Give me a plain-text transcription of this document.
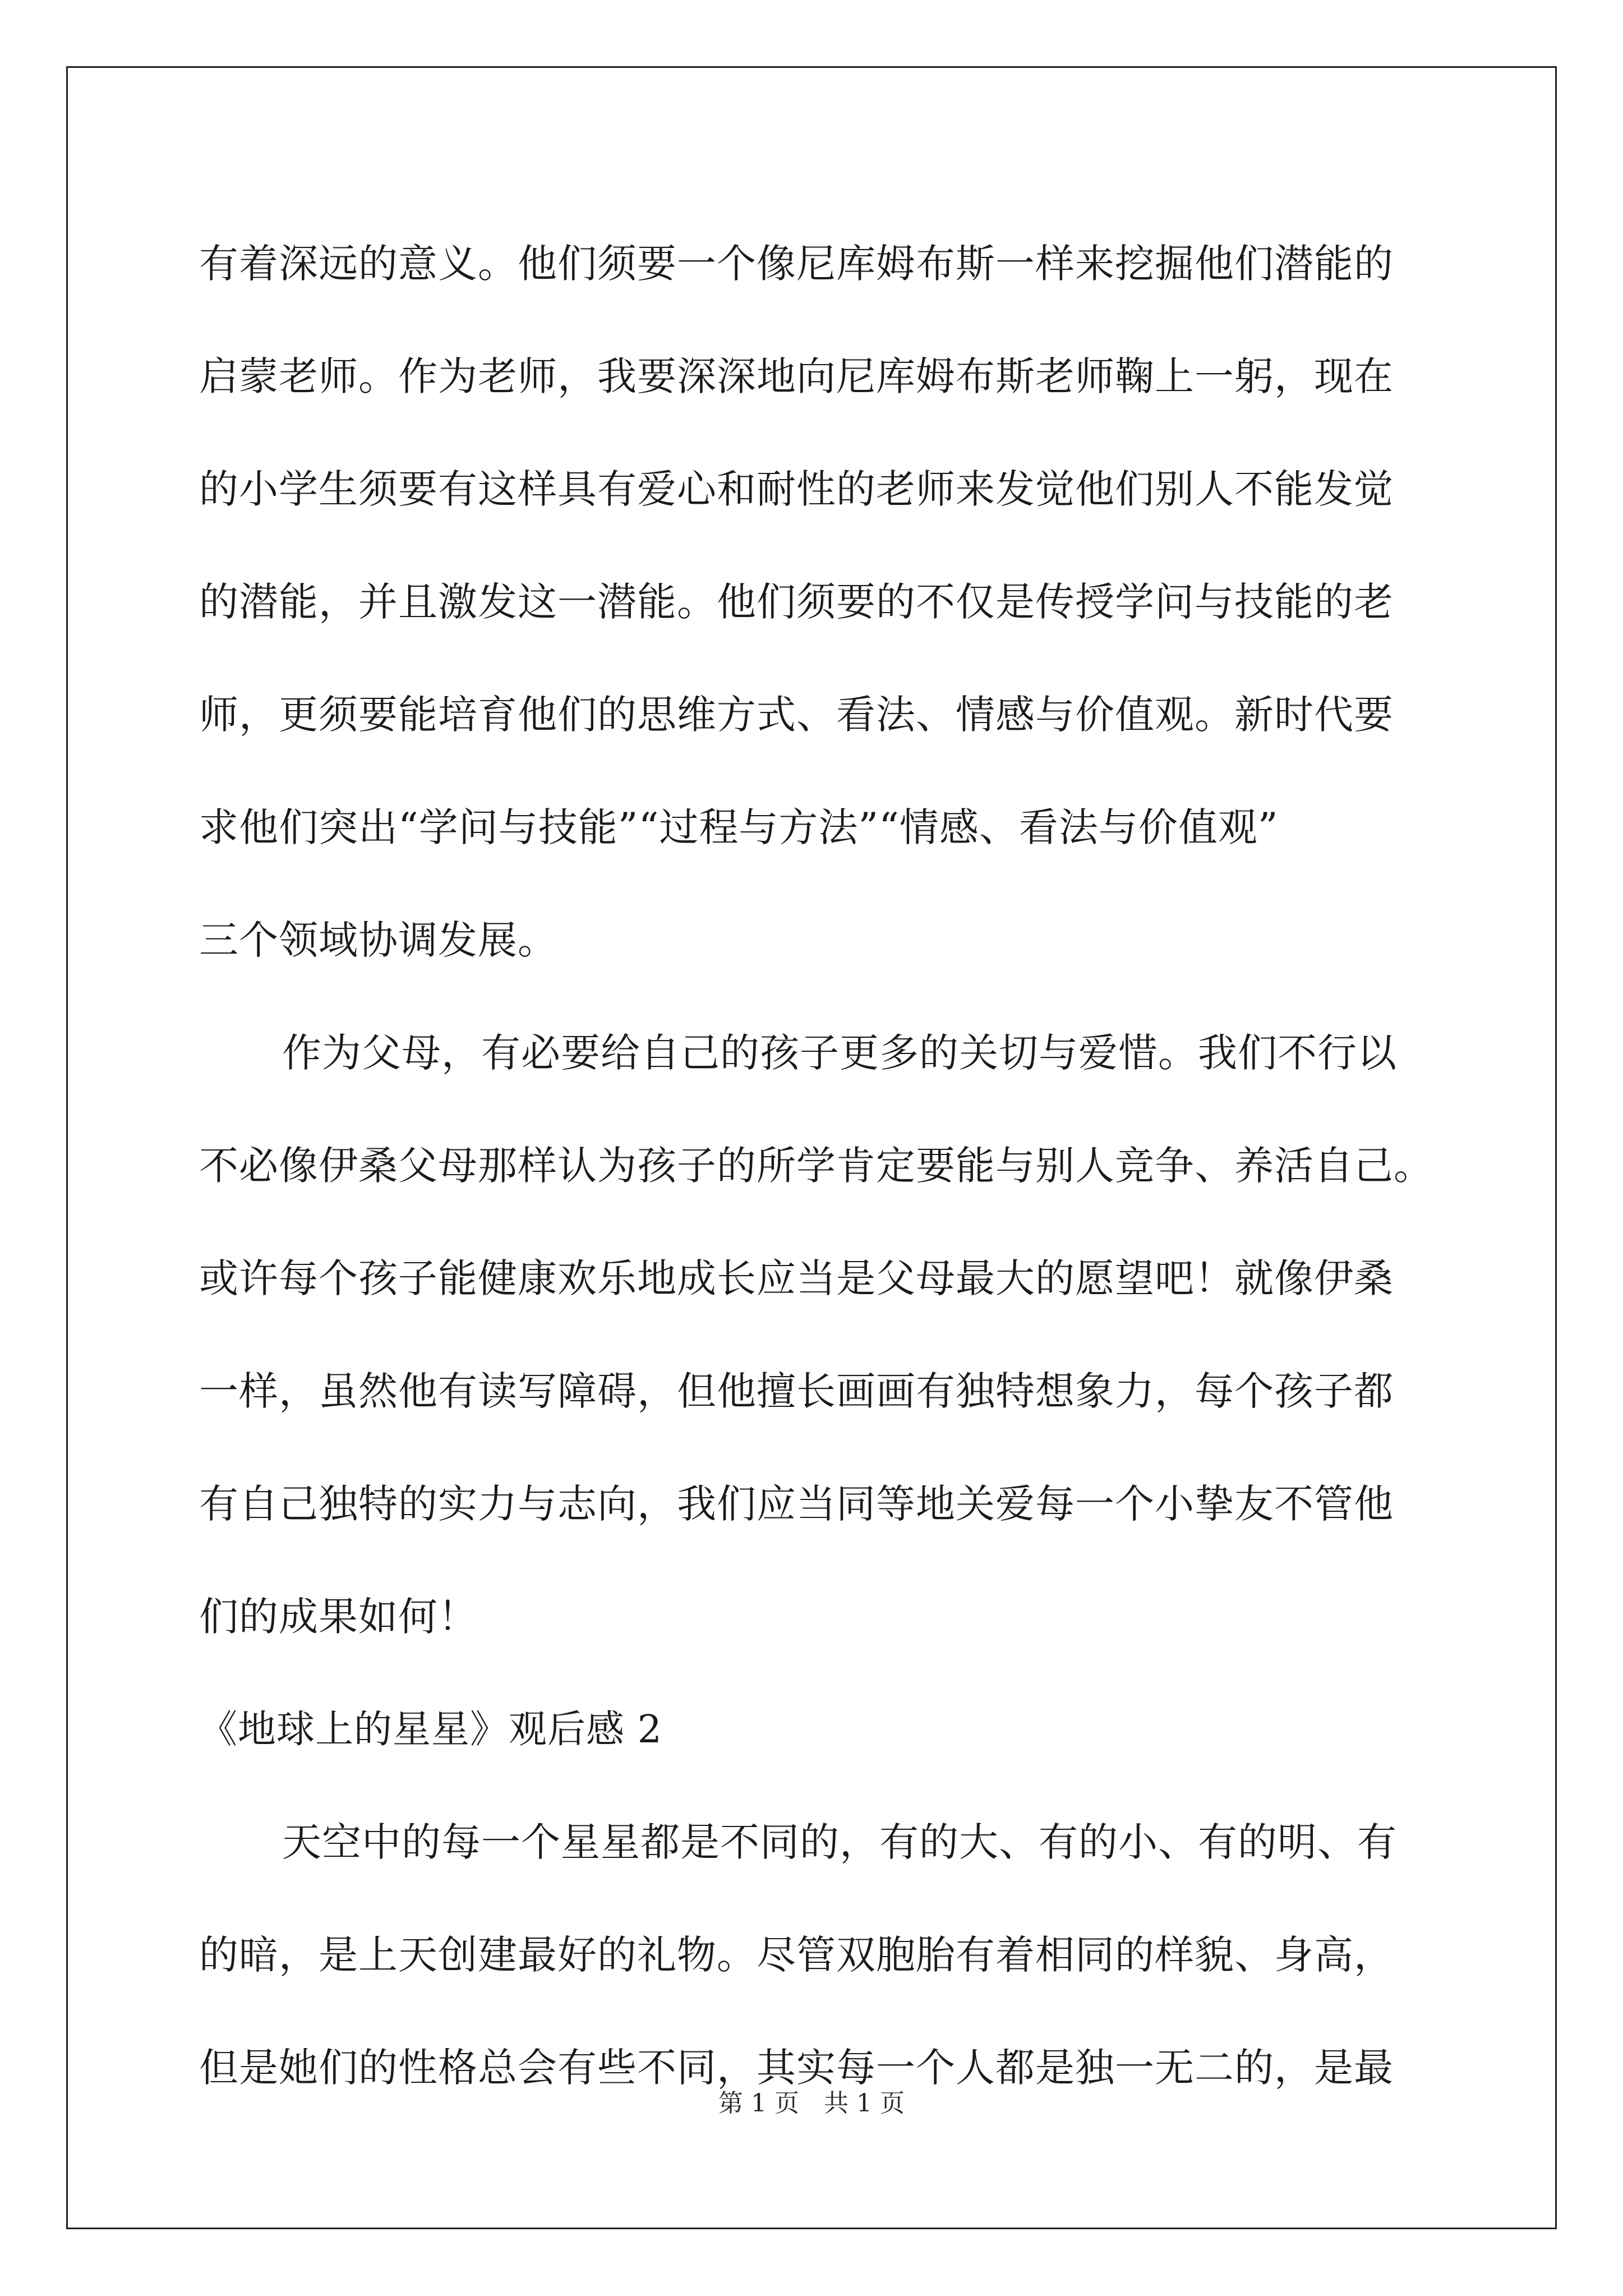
有着深远的意义。他们须要一个像尼库姆布斯一样来挖掘他们潜能的
启蒙老师。作为老师，我要深深地向尼库姆布斯老师鞠上一躬，现在
的小学生须要有这样具有爱心和耐性的老师来发觉他们别人不能发觉
的潜能，并且激发这一潜能。他们须要的不仅是传授学问与技能的老
师，更须要能培育他们的思维方式、看法、情感与价值观。新时代要
求他们突出“学问与技能”“过程与方法”“情感、看法与价值观”
三个领域协调发展。
作为父母，有必要给自己的孩子更多的关切与爱惜。我们不行以
不必像伊桑父母那样认为孩子的所学肯定要能与别人竞争、养活自己。
或许每个孩子能健康欢乐地成长应当是父母最大的愿望吧！就像伊桑
一样，虽然他有读写障碍，但他擅长画画有独特想象力，每个孩子都
有自己独特的实力与志向，我们应当同等地关爱每一个小挚友不管他
们的成果如何！
《地球上的星星》观后感 2
天空中的每一个星星都是不同的，有的大、有的小、有的明、有
的暗，是上天创建最好的礼物。尽管双胞胎有着相同的样貌、身高，
但是她们的性格总会有些不同，其实每一个人都是独一无二的，是最
第 1 页 共 1 页
